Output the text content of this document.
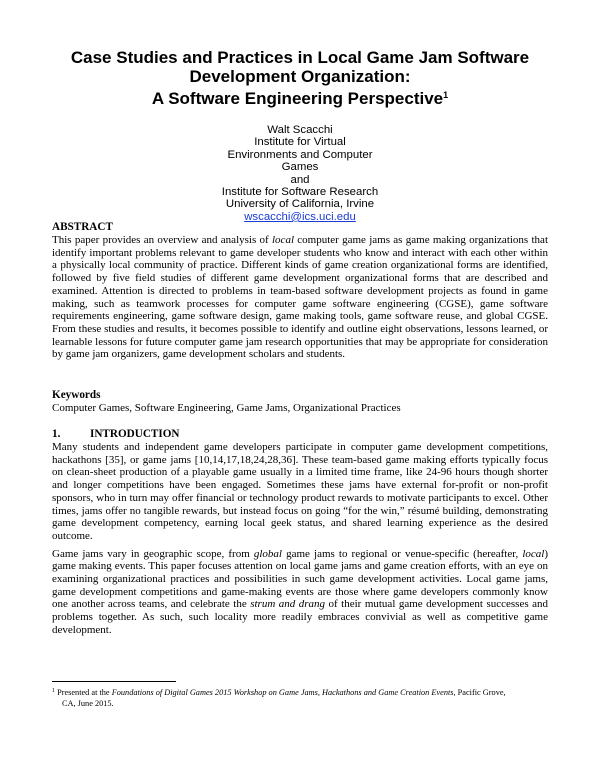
Case Studies and Practices in Local Game Jam Software
Development Organization:
A Software Engineering Perspective$^1$
Walt Scacchi
Institute for Virtual
Environments and Computer
Games
and
Institute for Software Research
University of California, Irvine
wscacchi@ics.uci.edu
ABSTRACT
This paper provides an overview and analysis of local computer game jams as game making organizations that identify important problems relevant to game developer students who know and interact with each other within a physically local community of practice. Different kinds of game creation organizational forms are identified, followed by five field studies of different game development organizational forms that are described and examined. Attention is directed to problems in team-based software development projects as found in game making, such as teamwork processes for computer game software engineering (CGSE), game software requirements engineering, game software design, game making tools, game software reuse, and global CGSE. From these studies and results, it becomes possible to identify and outline eight observations, lessons learned, or learnable lessons for future computer game jam research opportunities that may be appropriate for consideration by game jam organizers, game development scholars and students.
Keywords
Computer Games, Software Engineering, Game Jams, Organizational Practices
1.	INTRODUCTION
Many students and independent game developers participate in computer game development competitions, hackathons [35], or game jams [10,14,17,18,24,28,36]. These team-based game making efforts typically focus on clean-sheet production of a playable game usually in a limited time frame, like 24-96 hours though shorter and longer competitions have been engaged. Sometimes these jams have external for-profit or non-profit sponsors, who in turn may offer financial or technology product rewards to motivate participants to excel. Other times, jams offer no tangible rewards, but instead focus on going “for the win,” résumé building, demonstrating game development competency, earning local geek status, and shared learning experience as the desired outcome.
Game jams vary in geographic scope, from global game jams to regional or venue-specific (hereafter, local) game making events. This paper focuses attention on local game jams and game creation efforts, with an eye on examining organizational practices and possibilities in such game development activities. Local game jams, game development competitions and game-making events are those where game developers commonly know one another across teams, and celebrate the strum and drang of their mutual game development successes and problems together. As such, such locality more readily embraces convivial as well as competitive game development.
$^1$ Presented at the Foundations of Digital Games 2015 Workshop on Game Jams, Hackathons and Game Creation Events, Pacific Grove,
CA, June 2015.
